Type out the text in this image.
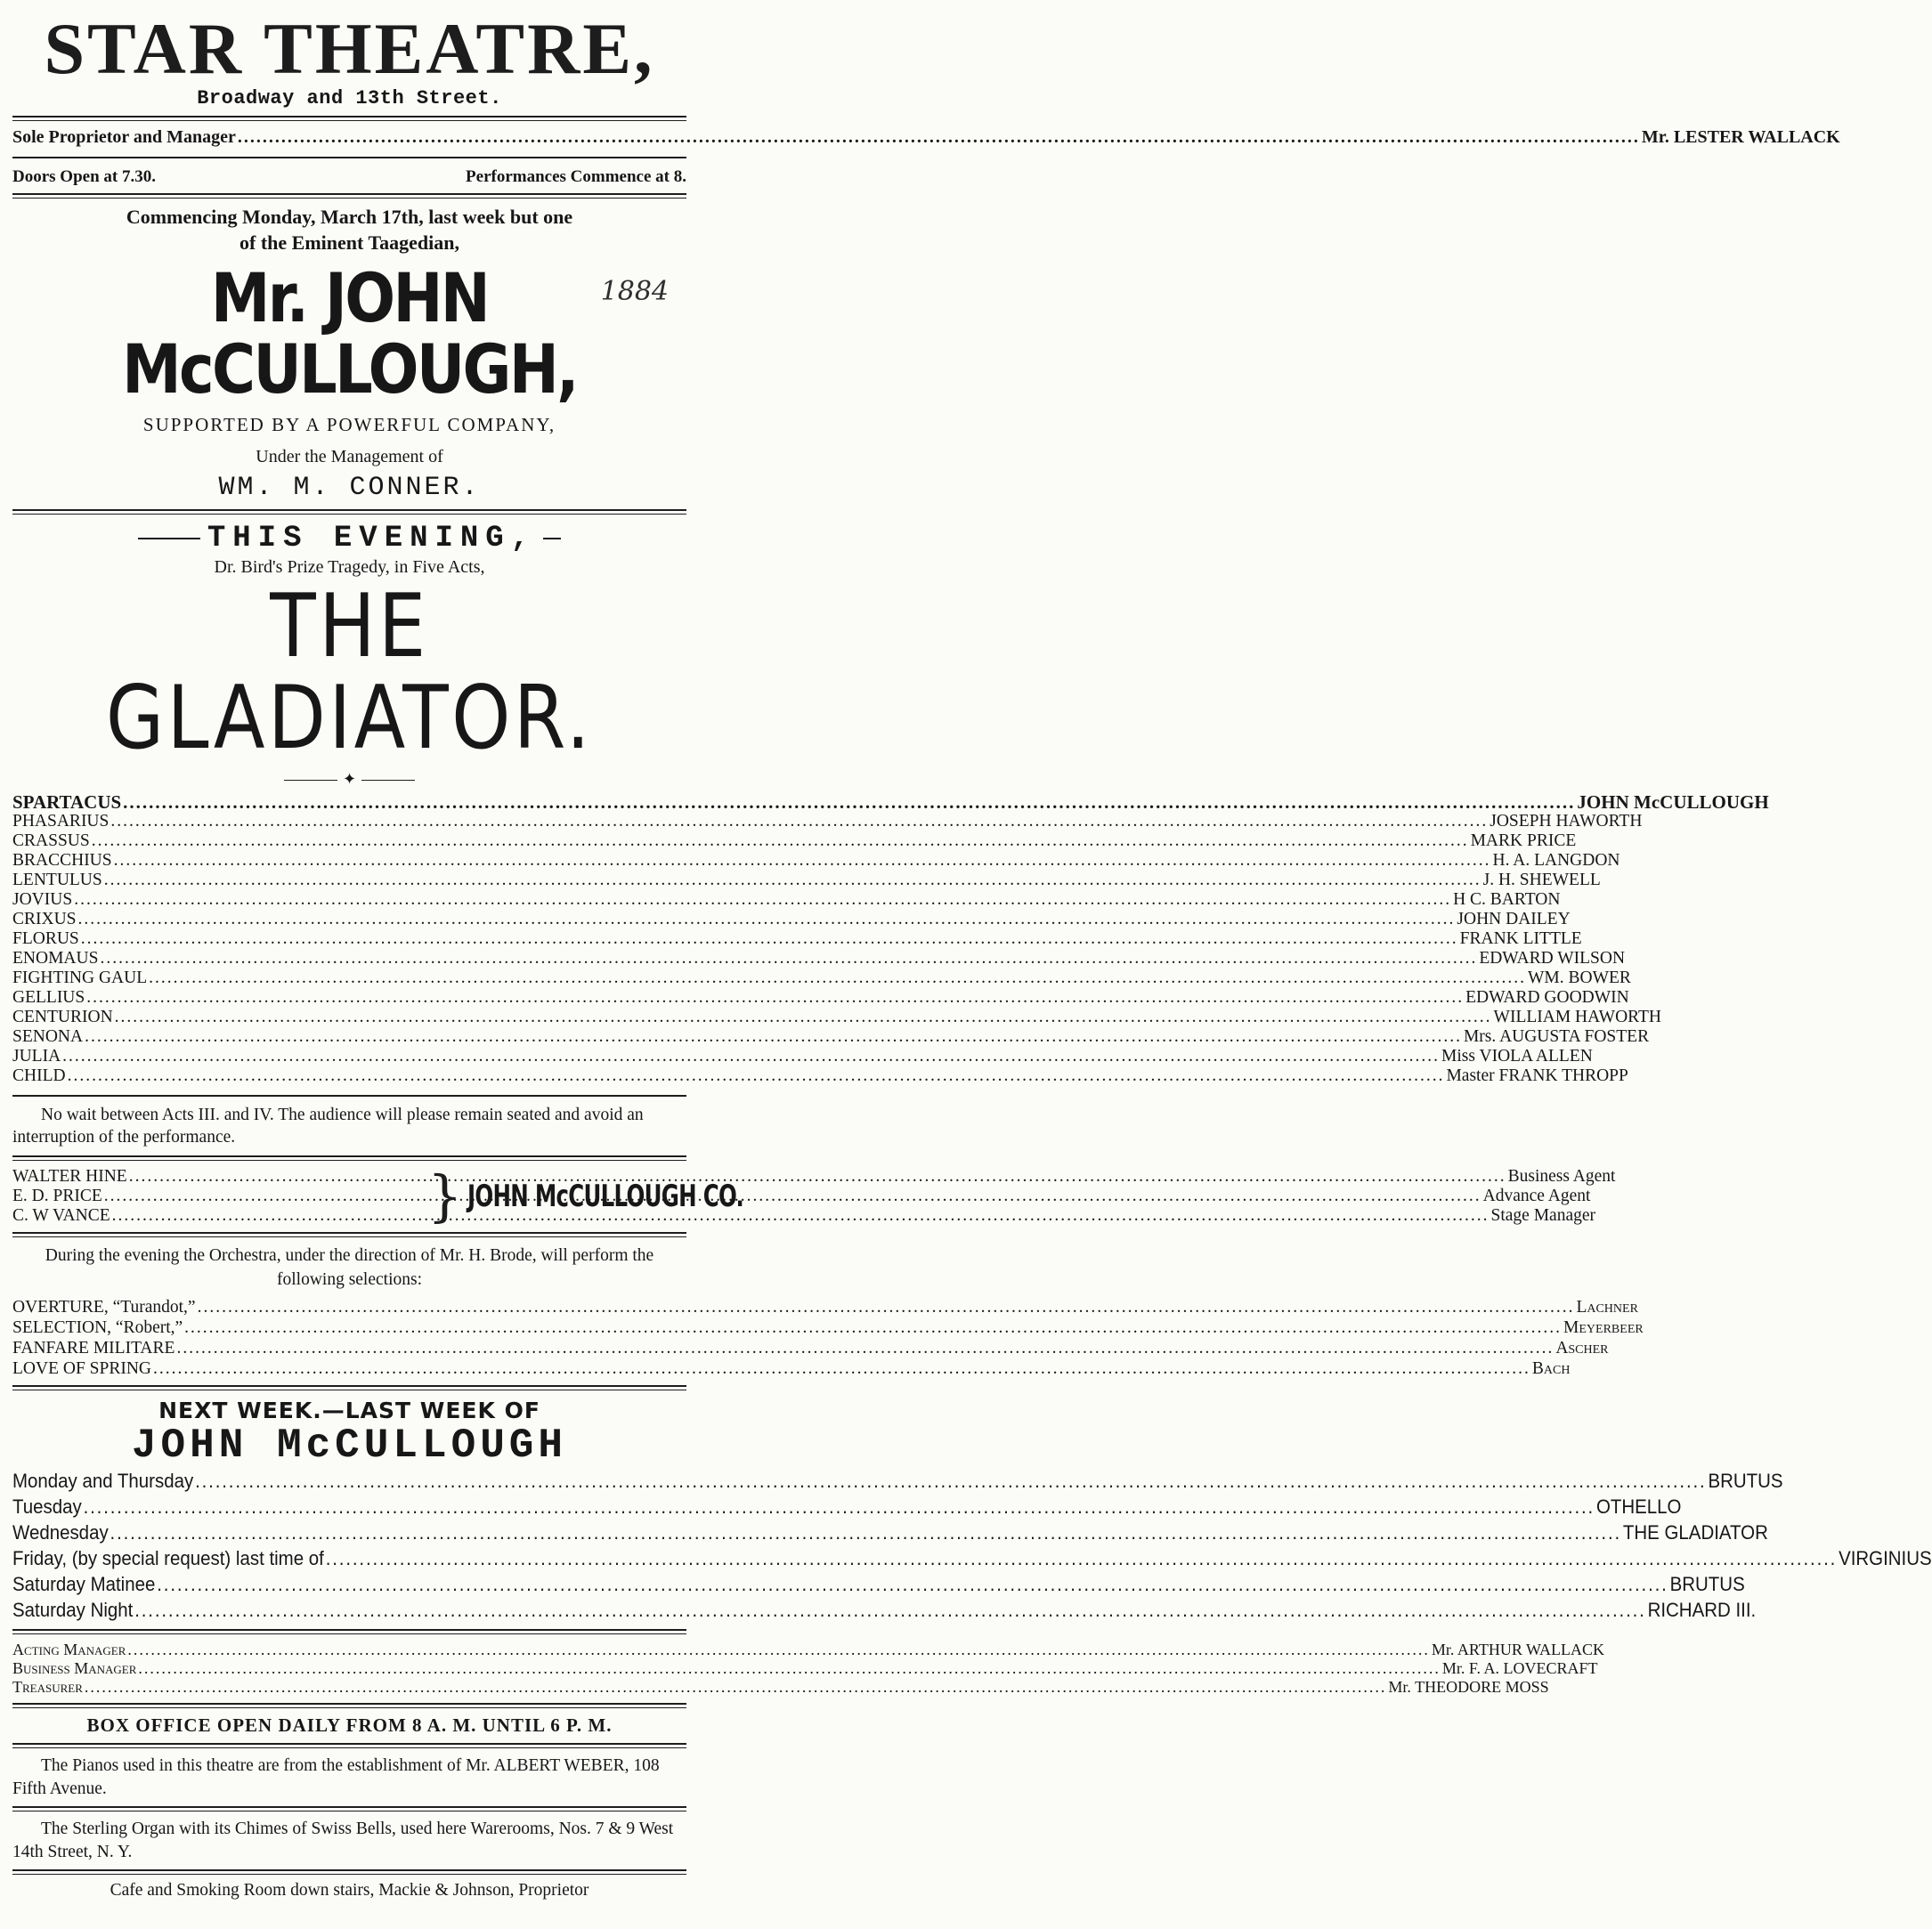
STAR THEATRE,
Broadway and 13th Street.
Sole Proprietor and Manager .....	Mr. LESTER WALLACK
Doors Open at 7.30.	Performances Commence at 8.
Commencing Monday, March 17th, last week but one
of the Eminent Taagedian,
1884
Mr. JOHN McCULLOUGH,
SUPPORTED BY A POWERFUL COMPANY,
Under the Management of
WM. M. CONNER.
THIS EVENING,
Dr. Bird's Prize Tragedy, in Five Acts,
THE GLADIATOR.
✦
SPARTACUS .....	JOHN McCULLOUGH
PHASARIUS .....	JOSEPH HAWORTH
CRASSUS .....	MARK PRICE
BRACCHIUS .....	H. A. LANGDON
LENTULUS .....	J. H. SHEWELL
JOVIUS .....	H C. BARTON
CRIXUS .....	JOHN DAILEY
FLORUS .....	FRANK LITTLE
ENOMAUS .....	EDWARD WILSON
FIGHTING GAUL .....	WM. BOWER
GELLIUS .....	EDWARD GOODWIN
CENTURION .....	WILLIAM HAWORTH
SENONA .....	Mrs. AUGUSTA FOSTER
JULIA .....	Miss VIOLA ALLEN
CHILD .....	Master FRANK THROPP
No wait between Acts III. and IV. The audience will please remain seated and avoid an interruption of the performance.
WALTER HINE .....	Business Agent
E. D. PRICE .....	Advance Agent
C. W VANCE .....	Stage Manager
} JOHN McCULLOUGH CO.
During the evening the Orchestra, under the direction of Mr. H. Brode, will perform the following selections:
OVERTURE, “Turandot,” .....	Lachner
SELECTION, “Robert,” .....	Meyerbeer
FANFARE MILITARE .....	Ascher
LOVE OF SPRING .....	Bach
NEXT WEEK.—LAST WEEK OF
JOHN McCULLOUGH
Monday and Thursday .....	BRUTUS
Tuesday .....	OTHELLO
Wednesday .....	THE GLADIATOR
Friday, (by special request) last time of .....	VIRGINIUS
Saturday Matinee .....	BRUTUS
Saturday Night .....	RICHARD III.
Acting Manager .....	Mr. ARTHUR WALLACK
Business Manager .....	Mr. F. A. LOVECRAFT
Treasurer .....	Mr. THEODORE MOSS
BOX OFFICE OPEN DAILY FROM 8 A. M. UNTIL 6 P. M.
The Pianos used in this theatre are from the establishment of Mr. ALBERT WEBER, 108 Fifth Avenue.
The Sterling Organ with its Chimes of Swiss Bells, used here Warerooms, Nos. 7 & 9 West 14th Street, N. Y.
Cafe and Smoking Room down stairs, Mackie & Johnson, Proprietor
